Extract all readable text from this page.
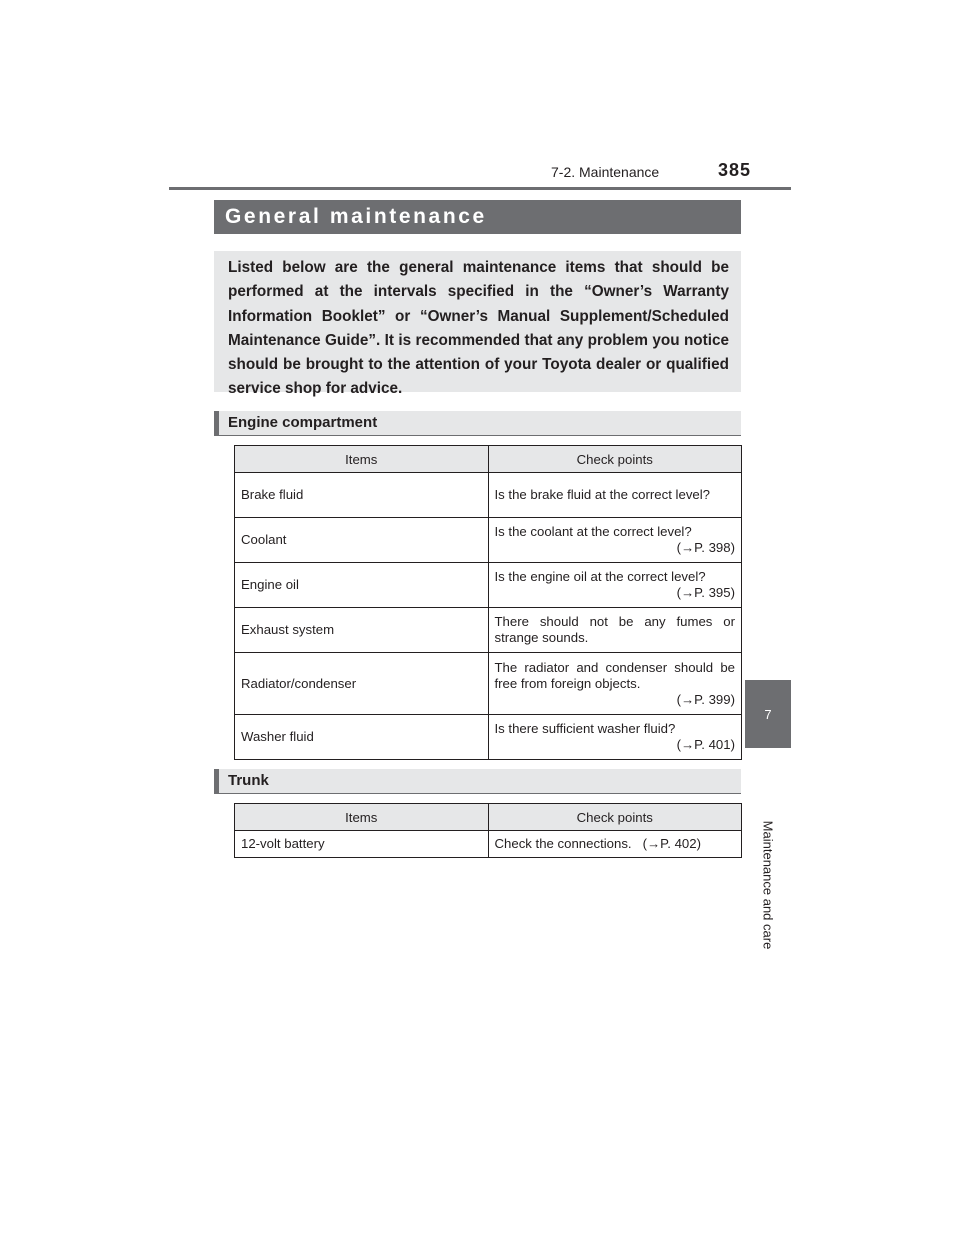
7-2. Maintenance	385
7
Maintenance and care
General maintenance
Listed below are the general maintenance items that should be performed at the intervals specified in the “Owner’s Warranty Information Booklet” or “Owner’s Manual Supplement/Scheduled Maintenance Guide”. It is recommended that any problem you notice should be brought to the attention of your Toyota dealer or qualified service shop for advice.
Engine compartment
Items	Check points
Brake fluid	Is the brake fluid at the correct level?

Coolant	Is the coolant at the correct level?
(→P. 398)

Engine oil	Is the engine oil at the correct level?
(→P. 395)

Exhaust system	There should not be any fumes or strange sounds.

Radiator/condenser	The radiator and condenser should be free from foreign objects.
(→P. 399)

Washer fluid	Is there sufficient washer fluid?
(→P. 401)
Trunk
Items	Check points
12-volt battery	Check the connections. (→P. 402)
